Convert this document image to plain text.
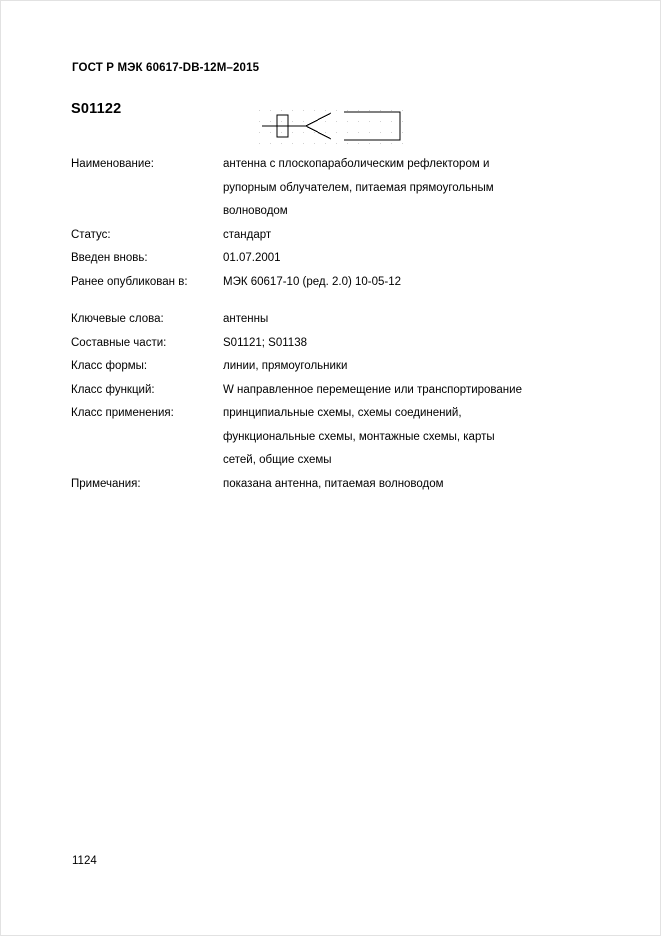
ГОСТ Р МЭК 60617-DB-12M–2015
S01122
Наименование:	антенна с плоскопараболическим рефлектором и
рупорным облучателем, питаемая прямоугольным
волноводом
Статус:	стандарт
Введен вновь:	01.07.2001
Ранее опубликован в:	МЭК 60617-10 (ред. 2.0) 10-05-12
Ключевые слова:	антенны
Составные части:	S01121; S01138
Класс формы:	линии, прямоугольники
Класс функций:	W направленное перемещение или транспортирование
Класс применения:	принципиальные схемы, схемы соединений,
функциональные схемы, монтажные схемы, карты
сетей, общие схемы
Примечания:	показана антенна, питаемая волноводом
1124
